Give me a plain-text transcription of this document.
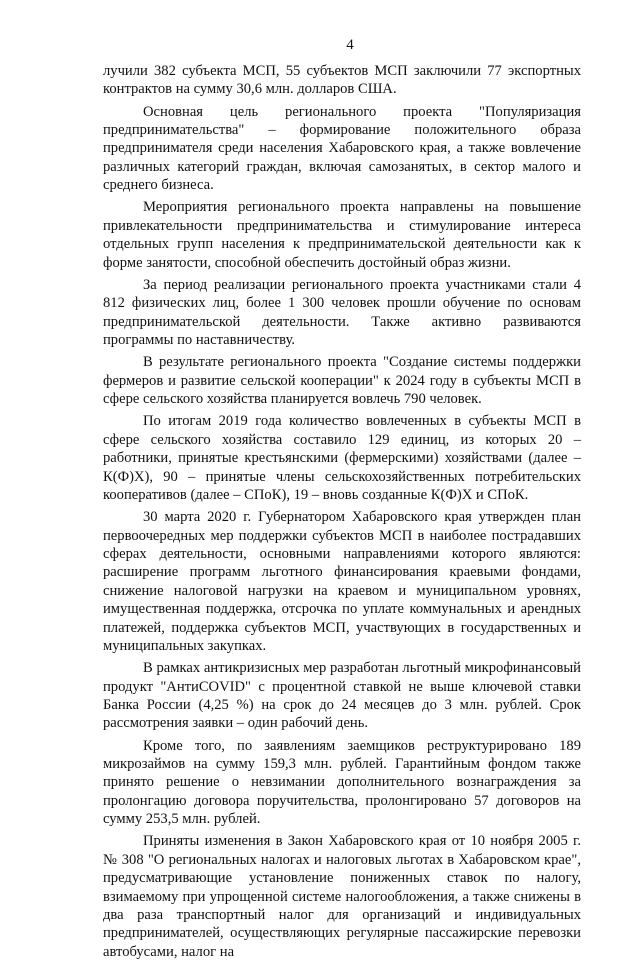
4

лучили 382 субъекта МСП, 55 субъектов МСП заключили 77 экспортных контрактов на сумму 30,6 млн. долларов США.

Основная цель регионального проекта "Популяризация предпринимательства" – формирование положительного образа предпринимателя среди населения Хабаровского края, а также вовлечение различных категорий граждан, включая самозанятых, в сектор малого и среднего бизнеса.

Мероприятия регионального проекта направлены на повышение привлекательности предпринимательства и стимулирование интереса отдельных групп населения к предпринимательской деятельности как к форме занятости, способной обеспечить достойный образ жизни.

За период реализации регионального проекта участниками стали 4 812 физических лиц, более 1 300 человек прошли обучение по основам предпринимательской деятельности. Также активно развиваются программы по наставничеству.

В результате регионального проекта "Создание системы поддержки фермеров и развитие сельской кооперации" к 2024 году в субъекты МСП в сфере сельского хозяйства планируется вовлечь 790 человек.

По итогам 2019 года количество вовлеченных в субъекты МСП в сфере сельского хозяйства составило 129 единиц, из которых 20 – работники, принятые крестьянскими (фермерскими) хозяйствами (далее – К(Ф)Х), 90 – принятые члены сельскохозяйственных потребительских кооперативов (далее – СПоК), 19 – вновь созданные К(Ф)Х и СПоК.

30 марта 2020 г. Губернатором Хабаровского края утвержден план первоочередных мер поддержки субъектов МСП в наиболее пострадавших сферах деятельности, основными направлениями которого являются: расширение программ льготного финансирования краевыми фондами, снижение налоговой нагрузки на краевом и муниципальном уровнях, имущественная поддержка, отсрочка по уплате коммунальных и арендных платежей, поддержка субъектов МСП, участвующих в государственных и муниципальных закупках.

В рамках антикризисных мер разработан льготный микрофинансовый продукт "АнтиCOVID" с процентной ставкой не выше ключевой ставки Банка России (4,25 %) на срок до 24 месяцев до 3 млн. рублей. Срок рассмотрения заявки – один рабочий день.

Кроме того, по заявлениям заемщиков реструктурировано 189 микрозаймов на сумму 159,3 млн. рублей. Гарантийным фондом также принято решение о невзимании дополнительного вознаграждения за пролонгацию договора поручительства, пролонгировано 57 договоров на сумму 253,5 млн. рублей.

Приняты изменения в Закон Хабаровского края от 10 ноября 2005 г. № 308 "О региональных налогах и налоговых льготах в Хабаровском крае", предусматривающие установление пониженных ставок по налогу, взимаемому при упрощенной системе налогообложения, а также снижены в два раза транспортный налог для организаций и индивидуальных предпринимателей, осуществляющих регулярные пассажирские перевозки автобусами, налог на
